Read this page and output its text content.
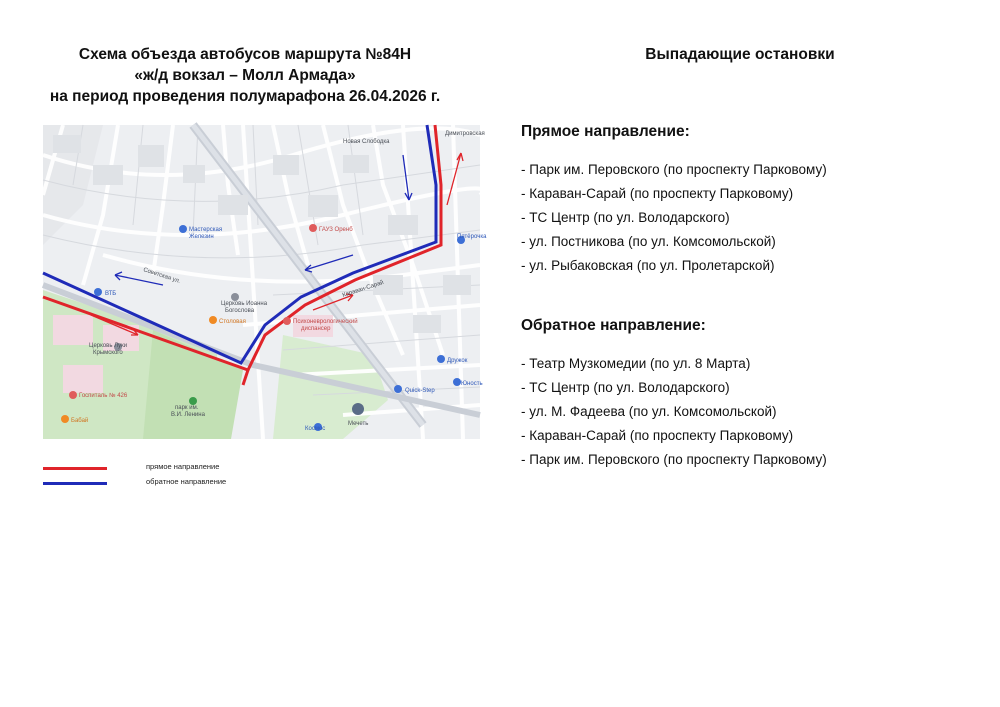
Схема объезда автобусов маршрута №84Н
«ж/д вокзал – Молл Армада»
на период проведения полумарафона 26.04.2026 г.
Выпадающие остановки
Мастерская
Железин
ВТБ
ГАУЗ Оренб
Церковь Иоанна
Богослова
Столовая	Психоневрологический
диспансер
Церковь Луки
Крымского
Госпиталь № 426
парк им.
В.И. Ленина
Бабай
Дружок
Quick-Step
Юность
Космос
Мечеть
Новая Слободка
Пятёрочка
Димитровская
Советская ул.
Караван-Сарай
прямое направление
обратное направление
Прямое направление:
- Парк им. Перовского (по проспекту Парковому)
- Караван-Сарай (по проспекту Парковому)
- ТС Центр (по ул. Володарского)
- ул. Постникова (по ул. Комсомольской)
- ул. Рыбаковская (по ул. Пролетарской)
Обратное направление:
- Театр Музкомедии (по ул. 8 Марта)
- ТС Центр (по ул. Володарского)
- ул. М. Фадеева (по ул. Комсомольской)
- Караван-Сарай (по проспекту Парковому)
- Парк им. Перовского (по проспекту Парковому)
